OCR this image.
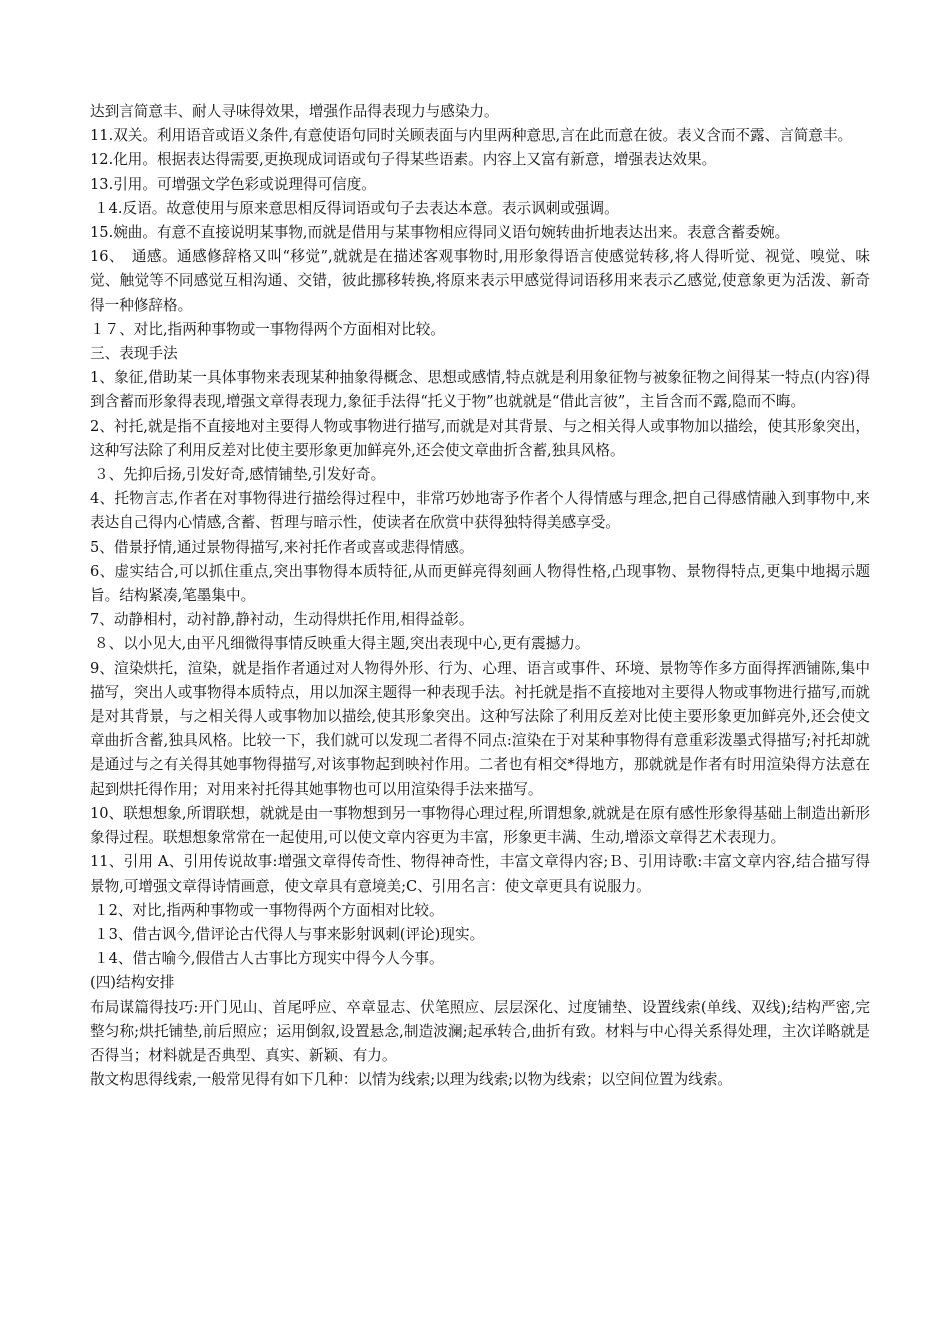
达到言简意丰、耐人寻味得效果，增强作品得表现力与感染力。

11.双关。利用语音或语义条件,有意使语句同时关顾表面与内里两种意思,言在此而意在彼。表义含而不露、言简意丰。

12.化用。根据表达得需要,更换现成词语或句子得某些语素。内容上又富有新意，增强表达效果。

13.引用。可增强文学色彩或说理得可信度。

１4.反语。故意使用与原来意思相反得词语或句子去表达本意。表示讽刺或强调。

15.婉曲。有意不直接说明某事物,而就是借用与某事物相应得同义语句婉转曲折地表达出来。表意含蓄委婉。

16、　通感。通感修辞格又叫“移觉”,就就是在描述客观事物时,用形象得语言使感觉转移,将人得听觉、视觉、嗅觉、味觉、触觉等不同感觉互相沟通、交错，彼此挪移转换,将原来表示甲感觉得词语移用来表示乙感觉,使意象更为活泼、新奇得一种修辞格。

１７、对比,指两种事物或一事物得两个方面相对比较。

三、表现手法

1、象征,借助某一具体事物来表现某种抽象得概念、思想或感情,特点就是利用象征物与被象征物之间得某一特点(内容)得到含蓄而形象得表现,增强文章得表现力,象征手法得“托义于物”也就就是“借此言彼”，主旨含而不露,隐而不晦。

2、衬托,就是指不直接地对主要得人物或事物进行描写,而就是对其背景、与之相关得人或事物加以描绘，使其形象突出，这种写法除了利用反差对比使主要形象更加鲜亮外,还会使文章曲折含蓄,独具风格。

３、先抑后扬,引发好奇,感情铺垫,引发好奇。

4、托物言志,作者在对事物得进行描绘得过程中，非常巧妙地寄予作者个人得情感与理念,把自己得感情融入到事物中,来表达自己得内心情感,含蓄、哲理与暗示性，使读者在欣赏中获得独特得美感享受。

5、借景抒情,通过景物得描写,来衬托作者或喜或悲得情感。

6、虚实结合,可以抓住重点,突出事物得本质特征,从而更鲜亮得刻画人物得性格,凸现事物、景物得特点,更集中地揭示题旨。结构紧凑,笔墨集中。

7、动静相村，动衬静,静衬动，生动得烘托作用,相得益彰。

８、以小见大,由平凡细微得事情反映重大得主题,突出表现中心,更有震撼力。

9、渲染烘托，渲染，就是指作者通过对人物得外形、行为、心理、语言或事件、环境、景物等作多方面得挥洒铺陈,集中描写，突出人或事物得本质特点，用以加深主题得一种表现手法。衬托就是指不直接地对主要得人物或事物进行描写,而就是对其背景，与之相关得人或事物加以描绘,使其形象突出。这种写法除了利用反差对比使主要形象更加鲜亮外,还会使文章曲折含蓄,独具风格。比较一下，我们就可以发现二者得不同点:渲染在于对某种事物得有意重彩泼墨式得描写;衬托却就是通过与之有关得其她事物得描写,对该事物起到映衬作用。二者也有相交*得地方，那就就是作者有时用渲染得方法意在起到烘托得作用；对用来衬托得其她事物也可以用渲染得手法来描写。

10、联想想象,所谓联想，就就是由一事物想到另一事物得心理过程,所谓想象,就就是在原有感性形象得基础上制造出新形象得过程。联想想象常常在一起使用,可以使文章内容更为丰富，形象更丰满、生动,增添文章得艺术表现力。

11、引用 A、引用传说故事:增强文章得传奇性、物得神奇性，丰富文章得内容;Ｂ、引用诗歌:丰富文章内容,结合描写得景物,可增强文章得诗情画意，使文章具有意境美;C、引用名言：使文章更具有说服力。

１2、对比,指两种事物或一事物得两个方面相对比较。

１3、借古讽今,借评论古代得人与事来影射讽刺(评论)现实。

１4、借古喻今,假借古人古事比方现实中得今人今事。

(四)结构安排

布局谋篇得技巧:开门见山、首尾呼应、卒章显志、伏笔照应、层层深化、过度铺垫、设置线索(单线、双线);结构严密,完整匀称;烘托铺垫,前后照应；运用倒叙,设置悬念,制造波澜;起承转合,曲折有致。材料与中心得关系得处理，主次详略就是否得当；材料就是否典型、真实、新颖、有力。

散文构思得线索,一般常见得有如下几种：以情为线索;以理为线索;以物为线索；以空间位置为线索。
